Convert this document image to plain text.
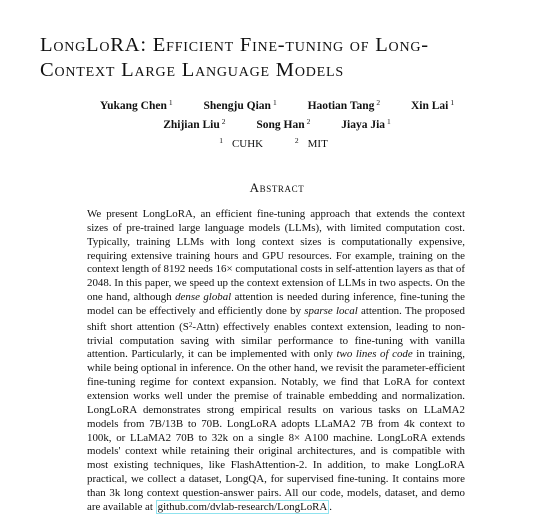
LongLoRA: Efficient Fine-tuning of Long-
Context Large Language Models
Yukang Chen $^1$	Shengju Qian $^1$	Haotian Tang $^2$	Xin Lai $^1$
Zhijian Liu $^2$	Song Han $^2$	Jiaya Jia $^1$
$^1$ CUHK	$^2$ MIT
Abstract

We present LongLoRA, an efficient fine-tuning approach that extends the context sizes of pre-trained large language models (LLMs), with limited computation cost. Typically, training LLMs with long context sizes is computationally expensive, requiring extensive training hours and GPU resources. For example, training on the context length of 8192 needs 16× computational costs in self-attention layers as that of 2048. In this paper, we speed up the context extension of LLMs in two aspects. On the one hand, although dense global attention is needed during inference, fine-tuning the model can be effectively and efficiently done by sparse local attention. The proposed shift short attention $(S^2-Attn)$ effectively enables context extension, leading to non-trivial computation saving with similar performance to fine-tuning with vanilla attention. Particularly, it can be implemented with only two lines of code in training, while being optional in inference. On the other hand, we revisit the parameter-efficient fine-tuning regime for context expansion. Notably, we find that LoRA for context extension works well under the premise of trainable embedding and normalization. LongLoRA demonstrates strong empirical results on various tasks on LLaMA2 models from 7B/13B to 70B. LongLoRA adopts LLaMA2 7B from 4k context to 100k, or LLaMA2 70B to 32k on a single 8× A100 machine. LongLoRA extends models' context while retaining their original architectures, and is compatible with most existing techniques, like FlashAttention-2. In addition, to make LongLoRA practical, we collect a dataset, LongQA, for supervised fine-tuning. It contains more than 3k long context question-answer pairs. All our code, models, dataset, and demo are available at github.com/dvlab-research/LongLoRA .
